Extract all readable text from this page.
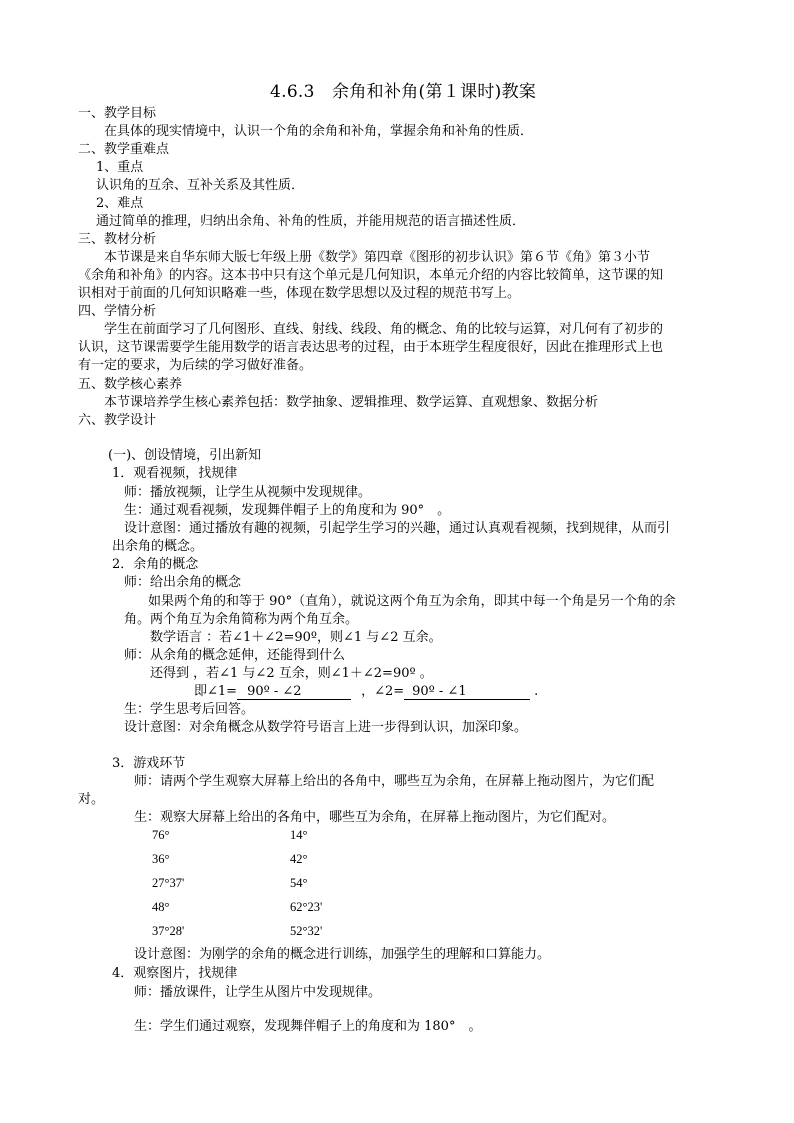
4.6.3　余角和补角(第１课时)教案
一、教学目标
在具体的现实情境中，认识一个角的余角和补角，掌握余角和补角的性质．
二、教学重难点
1、重点
认识角的互余、互补关系及其性质．
2、难点
通过简单的推理，归纳出余角、补角的性质，并能用规范的语言描述性质．
三、教材分析
本节课是来自华东师大版七年级上册《数学》第四章《图形的初步认识》第６节《角》第３小节
《余角和补角》的内容。这本书中只有这个单元是几何知识，本单元介绍的内容比较简单，这节课的知
识相对于前面的几何知识略难一些，体现在数学思想以及过程的规范书写上。
四、学情分析
学生在前面学习了几何图形、直线、射线、线段、角的概念、角的比较与运算，对几何有了初步的
认识，这节课需要学生能用数学的语言表达思考的过程，由于本班学生程度很好，因此在推理形式上也
有一定的要求，为后续的学习做好准备。
五、数学核心素养
本节课培养学生核心素养包括：数学抽象、逻辑推理、数学运算、直观想象、数据分析
六、教学设计
(一)、创设情境，引出新知
1．观看视频，找规律
师：播放视频，让学生从视频中发现规律。
生：通过观看视频，发现舞伴帽子上的角度和为 90°　。
设计意图：通过播放有趣的视频，引起学生学习的兴趣，通过认真观看视频，找到规律，从而引
出余角的概念。
2．余角的概念
师：给出余角的概念
如果两个角的和等于 90°（直角），就说这两个角互为余角，即其中每一个角是另一个角的余
角。两个角互为余角简称为两个角互余。
数学语言 ：若∠1＋∠2=90º，则∠1 与∠2 互余。
师：从余角的概念延伸，还能得到什么
还得到 ，若∠1 与∠2 互余，则∠1＋∠2=90º 。
即∠1= 90º - ∠2	，∠2= 90º - ∠1	.
生：学生思考后回答。
设计意图：对余角概念从数学符号语言上进一步得到认识，加深印象。
3．游戏环节
师：请两个学生观察大屏幕上给出的各角中，哪些互为余角，在屏幕上拖动图片，为它们配
对。
生：观察大屏幕上给出的各角中，哪些互为余角，在屏幕上拖动图片，为它们配对。
76°	14°
36°	42°
27°37'	54°
48°	62°23'
37°28'	52°32'
设计意图：为刚学的余角的概念进行训练，加强学生的理解和口算能力。
4．观察图片，找规律
师：播放课件，让学生从图片中发现规律。
生：学生们通过观察，发现舞伴帽子上的角度和为 180°　。
